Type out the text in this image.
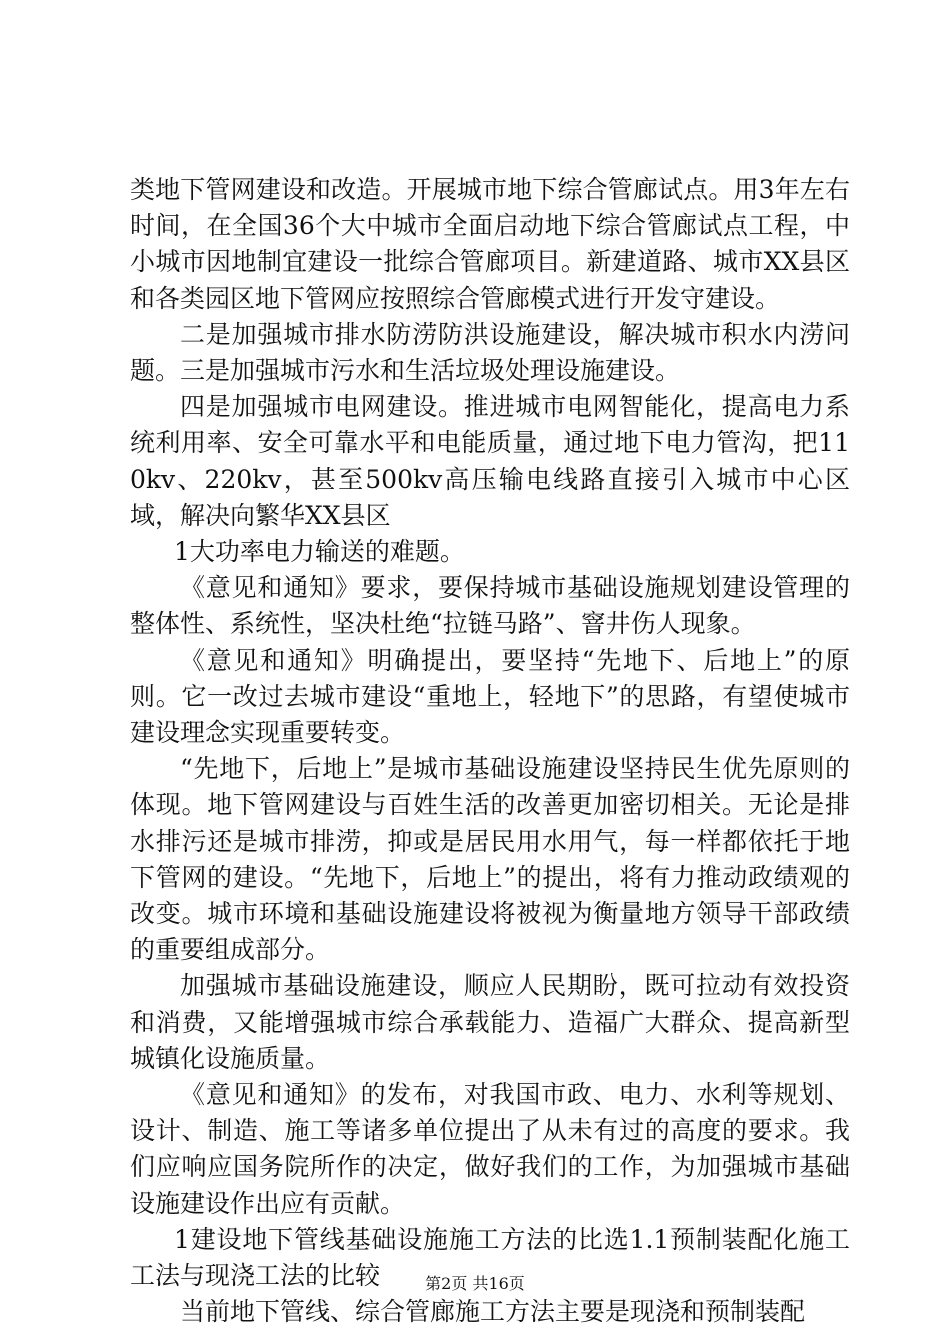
类地下管网建设和改造。开展城市地下综合管廊试点。用3年左右时间，在全国36个大中城市全面启动地下综合管廊试点工程，中小城市因地制宜建设一批综合管廊项目。新建道路、城市XX县区和各类园区地下管网应按照综合管廊模式进行开发守建设。

二是加强城市排水防涝防洪设施建设，解决城市积水内涝问题。三是加强城市污水和生活垃圾处理设施建设。

四是加强城市电网建设。推进城市电网智能化，提高电力系统利用率、安全可靠水平和电能质量，通过地下电力管沟，把110kv、220kv，甚至500kv高压输电线路直接引入城市中心区域，解决向繁华XX县区

1大功率电力输送的难题。

《意见和通知》要求，要保持城市基础设施规划建设管理的整体性、系统性，坚决杜绝“拉链马路”、窨井伤人现象。

《意见和通知》明确提出，要坚持“先地下、后地上”的原则。它一改过去城市建设“重地上，轻地下”的思路，有望使城市建设理念实现重要转变。

“先地下，后地上”是城市基础设施建设坚持民生优先原则的体现。地下管网建设与百姓生活的改善更加密切相关。无论是排水排污还是城市排涝，抑或是居民用水用气，每一样都依托于地下管网的建设。“先地下，后地上”的提出，将有力推动政绩观的改变。城市环境和基础设施建设将被视为衡量地方领导干部政绩的重要组成部分。

加强城市基础设施建设，顺应人民期盼，既可拉动有效投资和消费，又能增强城市综合承载能力、造福广大群众、提高新型城镇化设施质量。

《意见和通知》的发布，对我国市政、电力、水利等规划、设计、制造、施工等诸多单位提出了从未有过的高度的要求。我们应响应国务院所作的决定，做好我们的工作，为加强城市基础设施建设作出应有贡献。

1建设地下管线基础设施施工方法的比选1.1预制装配化施工工法与现浇工法的比较

当前地下管线、综合管廊施工方法主要是现浇和预制装配

第2页 共16页
